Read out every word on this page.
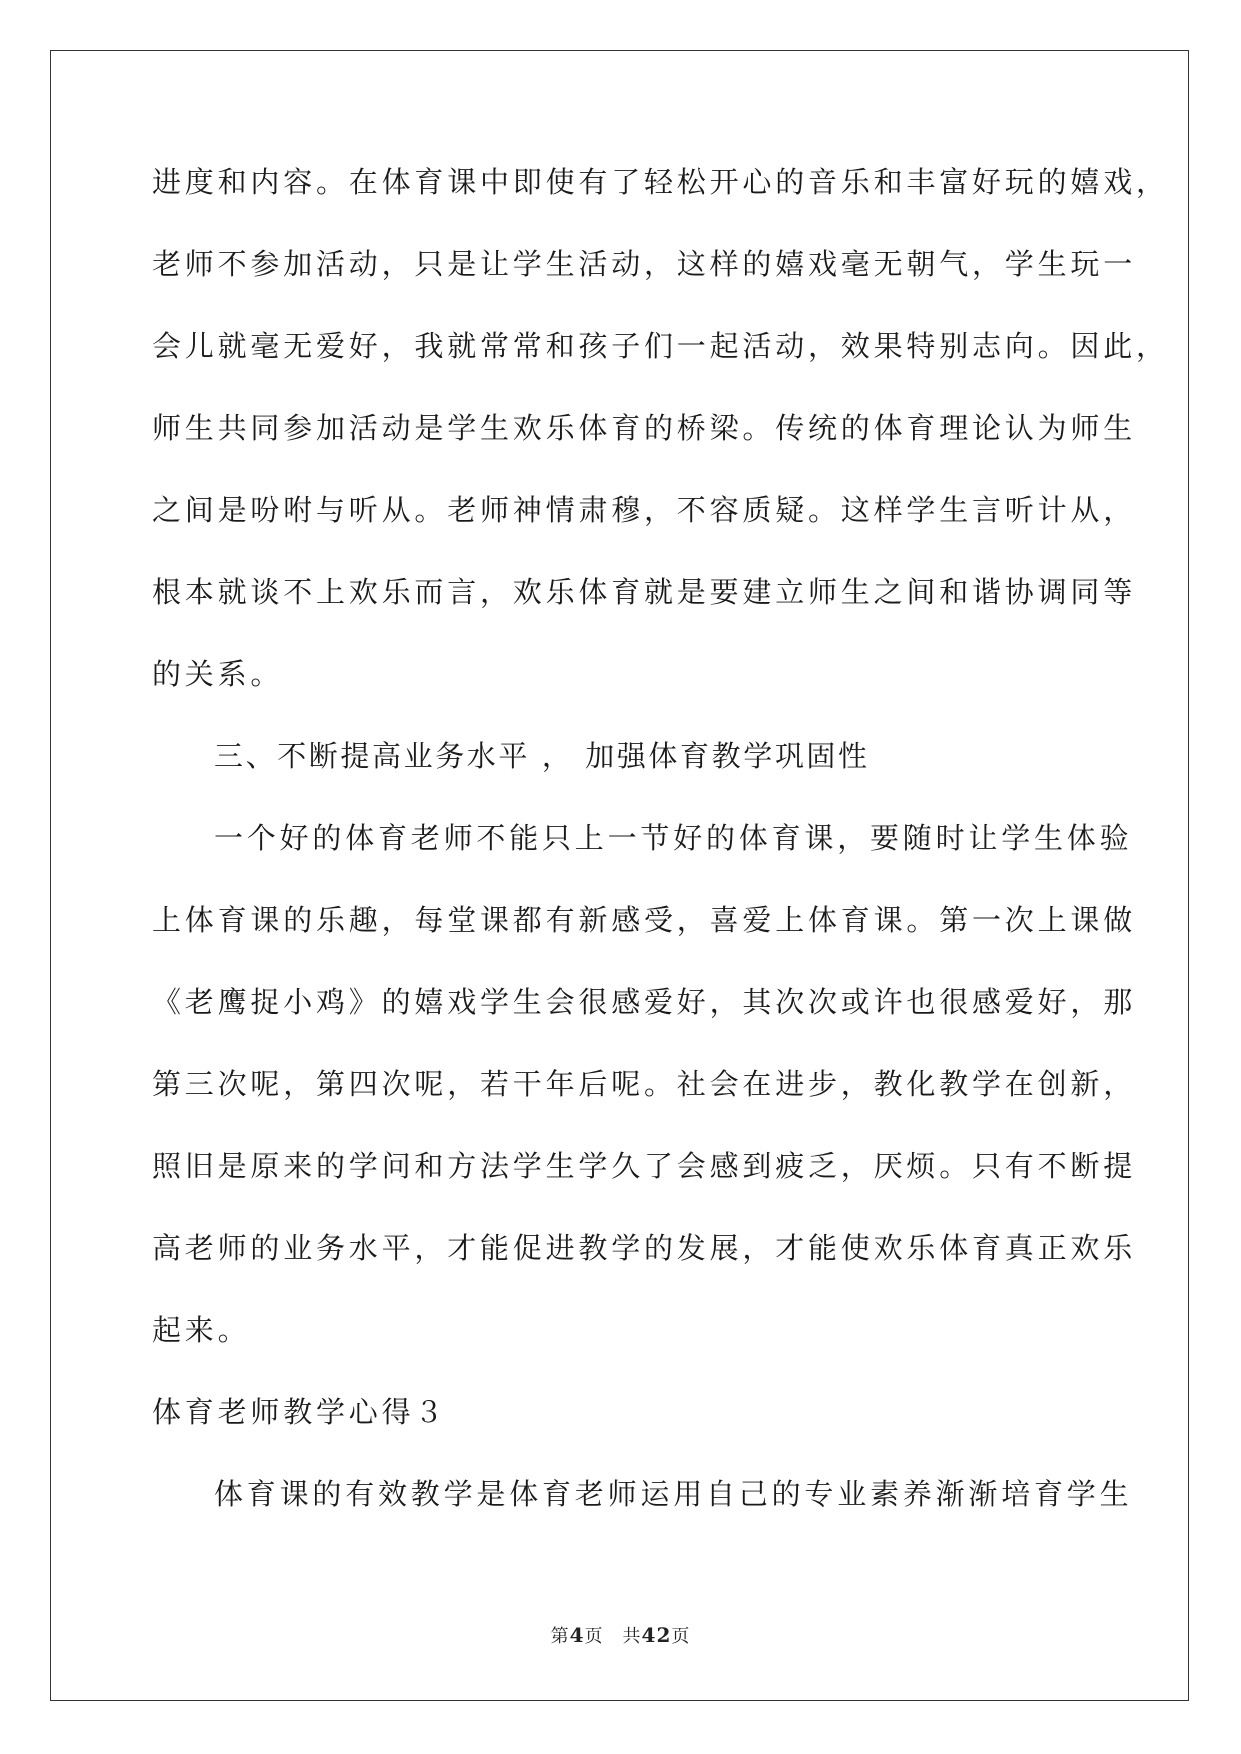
进度和内容。在体育课中即使有了轻松开心的音乐和丰富好玩的嬉戏，
老师不参加活动，只是让学生活动，这样的嬉戏毫无朝气，学生玩一
会儿就毫无爱好，我就常常和孩子们一起活动，效果特别志向。因此，
师生共同参加活动是学生欢乐体育的桥梁。传统的体育理论认为师生
之间是吩咐与听从。老师神情肃穆，不容质疑。这样学生言听计从，
根本就谈不上欢乐而言，欢乐体育就是要建立师生之间和谐协调同等
的关系。
三、不断提高业务水平 ， 加强体育教学巩固性
一个好的体育老师不能只上一节好的体育课，要随时让学生体验
上体育课的乐趣，每堂课都有新感受，喜爱上体育课。第一次上课做
《老鹰捉小鸡》的嬉戏学生会很感爱好，其次次或许也很感爱好，那
第三次呢，第四次呢，若干年后呢。社会在进步，教化教学在创新，
照旧是原来的学问和方法学生学久了会感到疲乏，厌烦。只有不断提
高老师的业务水平，才能促进教学的发展，才能使欢乐体育真正欢乐
起来。
体育老师教学心得３
体育课的有效教学是体育老师运用自己的专业素养渐渐培育学生
第4页　共42页
